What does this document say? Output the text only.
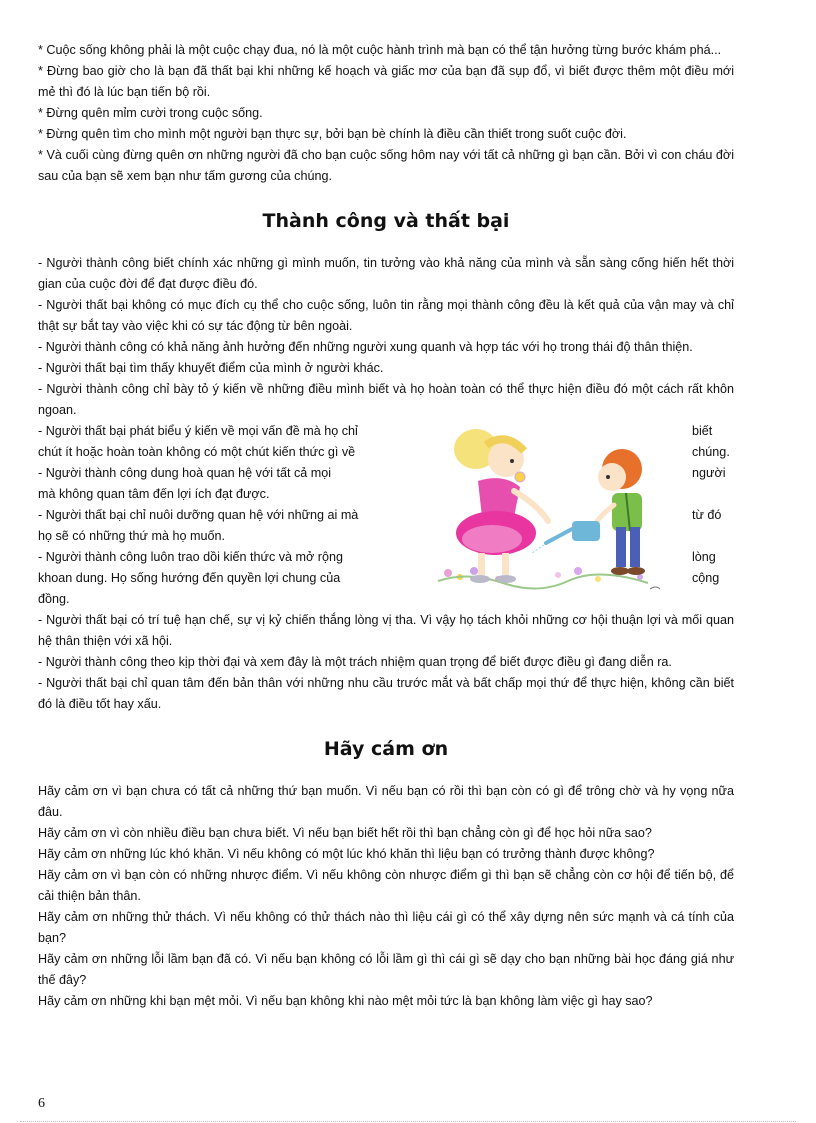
* Cuộc sống không phải là một cuộc chạy đua, nó là một cuộc hành trình mà bạn có thể tận hưởng từng bước khám phá...

* Đừng bao giờ cho là bạn đã thất bại khi những kế hoạch và giấc mơ của bạn đã sụp đổ, vì biết được thêm một điều mới mẻ thì đó là lúc bạn tiến bộ rồi.

* Đừng quên mỉm cười trong cuộc sống.

* Đừng quên tìm cho mình một người bạn thực sự, bởi bạn bè chính là điều cần thiết trong suốt cuộc đời.

* Và cuối cùng đừng quên ơn những người đã cho bạn cuộc sống hôm nay với tất cả những gì bạn cần. Bởi vì con cháu đời sau của bạn sẽ xem bạn như tấm gương của chúng.

Thành công và thất bại

- Người thành công biết chính xác những gì mình muốn, tin tưởng vào khả năng của mình và sẵn sàng cống hiến hết thời gian của cuộc đời để đạt được điều đó.

- Người thất bại không có mục đích cụ thể cho cuộc sống, luôn tin rằng mọi thành công đều là kết quả của vận may và chỉ thật sự bắt tay vào việc khi có sự tác động từ bên ngoài.

- Người thành công có khả năng ảnh hưởng đến những người xung quanh và hợp tác với họ trong thái độ thân thiện.

- Người thất bại tìm thấy khuyết điểm của mình ở người khác.

- Người thành công chỉ bày tỏ ý kiến về những điều mình biết và họ hoàn toàn có thể thực hiện điều đó một cách rất khôn ngoan.

- Người thất bại phát biểu ý kiến về mọi vấn đề mà họ chỉ	biết
chút ít hoặc hoàn toàn không có một chút kiến thức gì về	chúng.
- Người thành công dung hoà quan hệ với tất cả mọi	người
mà không quan tâm đến lợi ích đạt được.
- Người thất bại chỉ nuôi dưỡng quan hệ với những ai mà	từ đó
họ sẽ có những thứ mà họ muốn.
- Người thành công luôn trao dồi kiến thức và mở rộng	lòng
khoan dung. Họ sống hướng đến quyền lợi chung của	cộng
đồng.

- Người thất bại có trí tuệ hạn chế, sự vị kỷ chiến thắng lòng vị tha. Vì vậy họ tách khỏi những cơ hội thuận lợi và mối quan hệ thân thiện với xã hội.

- Người thành công theo kịp thời đại và xem đây là một trách nhiệm quan trọng để biết được điều gì đang diễn ra.

- Người thất bại chỉ quan tâm đến bản thân với những nhu cầu trước mắt và bất chấp mọi thứ để thực hiện, không cần biết đó là điều tốt hay xấu.

Hãy cám ơn

Hãy cảm ơn vì bạn chưa có tất cả những thứ bạn muốn. Vì nếu bạn có rồi thì bạn còn có gì để trông chờ và hy vọng nữa đâu.

Hãy cảm ơn vì còn nhiều điều bạn chưa biết. Vì nếu bạn biết hết rồi thì bạn chẳng còn gì để học hỏi nữa sao?

Hãy cảm ơn những lúc khó khăn. Vì nếu không có một lúc khó khăn thì liệu bạn có trưởng thành được không?

Hãy cảm ơn vì bạn còn có những nhược điểm. Vì nếu không còn nhược điểm gì thì bạn sẽ chẳng còn cơ hội để tiến bộ, để cải thiện bản thân.

Hãy cảm ơn những thử thách. Vì nếu không có thử thách nào thì liệu cái gì có thể xây dựng nên sức mạnh và cá tính của bạn?

Hãy cảm ơn những lỗi lầm bạn đã có. Vì nếu bạn không có lỗi lầm gì thì cái gì sẽ dạy cho bạn những bài học đáng giá như thế đây?

Hãy cảm ơn những khi bạn mệt mỏi. Vì nếu bạn không khi nào mệt mỏi tức là bạn không làm việc gì hay sao?

6
